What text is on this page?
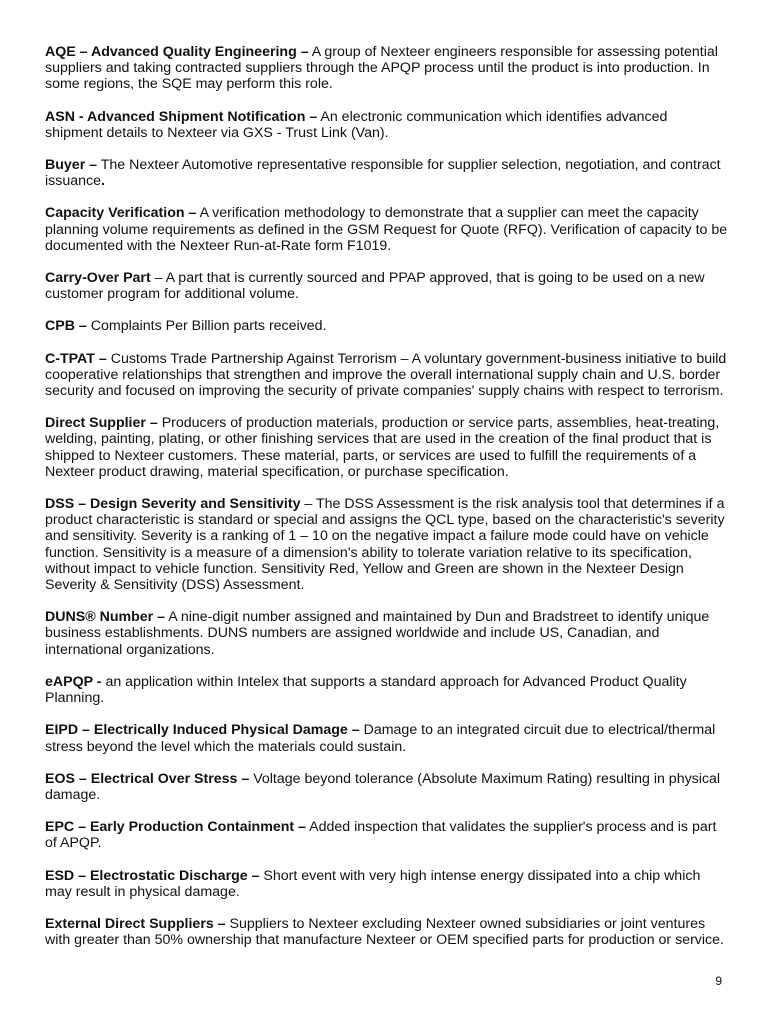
AQE – Advanced Quality Engineering – A group of Nexteer engineers responsible for assessing potential suppliers and taking contracted suppliers through the APQP process until the product is into production. In some regions, the SQE may perform this role.

ASN - Advanced Shipment Notification – An electronic communication which identifies advanced shipment details to Nexteer via GXS - Trust Link (Van).

Buyer – The Nexteer Automotive representative responsible for supplier selection, negotiation, and contract issuance.

Capacity Verification – A verification methodology to demonstrate that a supplier can meet the capacity planning volume requirements as defined in the GSM Request for Quote (RFQ). Verification of capacity to be documented with the Nexteer Run-at-Rate form F1019.

Carry-Over Part – A part that is currently sourced and PPAP approved, that is going to be used on a new customer program for additional volume.

CPB – Complaints Per Billion parts received.

C-TPAT – Customs Trade Partnership Against Terrorism – A voluntary government-business initiative to build cooperative relationships that strengthen and improve the overall international supply chain and U.S. border security and focused on improving the security of private companies' supply chains with respect to terrorism.

Direct Supplier – Producers of production materials, production or service parts, assemblies, heat-treating, welding, painting, plating, or other finishing services that are used in the creation of the final product that is shipped to Nexteer customers. These material, parts, or services are used to fulfill the requirements of a Nexteer product drawing, material specification, or purchase specification.

DSS – Design Severity and Sensitivity – The DSS Assessment is the risk analysis tool that determines if a product characteristic is standard or special and assigns the QCL type, based on the characteristic's severity and sensitivity. Severity is a ranking of 1 – 10 on the negative impact a failure mode could have on vehicle function. Sensitivity is a measure of a dimension's ability to tolerate variation relative to its specification, without impact to vehicle function. Sensitivity Red, Yellow and Green are shown in the Nexteer Design Severity & Sensitivity (DSS) Assessment.

DUNS® Number – A nine-digit number assigned and maintained by Dun and Bradstreet to identify unique business establishments. DUNS numbers are assigned worldwide and include US, Canadian, and international organizations.

eAPQP - an application within Intelex that supports a standard approach for Advanced Product Quality Planning.

EIPD – Electrically Induced Physical Damage – Damage to an integrated circuit due to electrical/thermal stress beyond the level which the materials could sustain.

EOS – Electrical Over Stress – Voltage beyond tolerance (Absolute Maximum Rating) resulting in physical damage.

EPC – Early Production Containment – Added inspection that validates the supplier's process and is part of APQP.

ESD – Electrostatic Discharge – Short event with very high intense energy dissipated into a chip which may result in physical damage.

External Direct Suppliers – Suppliers to Nexteer excluding Nexteer owned subsidiaries or joint ventures with greater than 50% ownership that manufacture Nexteer or OEM specified parts for production or service.

9
